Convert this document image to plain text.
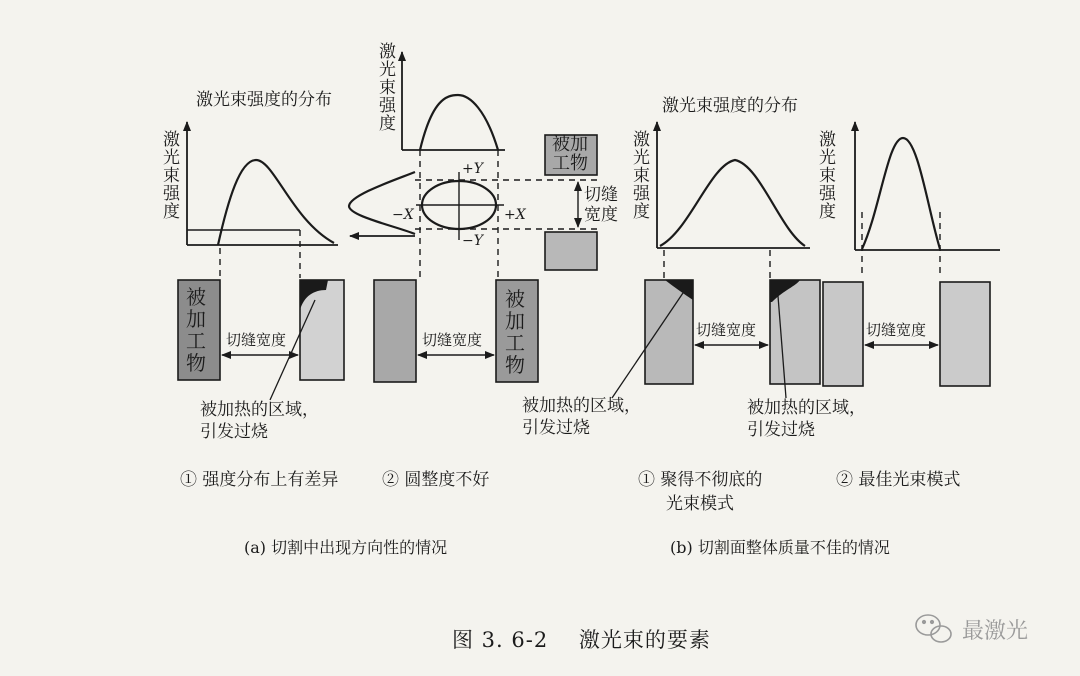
激光束强度的分布
激光束强度
被
加
工
物
切缝宽度
被加热的区域，
引发过烧
激光束强度
+Y
−Y
+X
−X
切缝宽度
被
加
工
物
被加
工物
切缝
宽度
激光束强度的分布
激光束强度	激光束强度
切缝宽度	切缝宽度
被加热的区域，
引发过烧
被加热的区域，
引发过烧
① 强度分布上有差异	② 圆整度不好	① 聚得不彻底的
光束模式
② 最佳光束模式
(a) 切割中出现方向性的情况	(b) 切割面整体质量不佳的情况
图 3. 6-2    激光束的要素	最激光
